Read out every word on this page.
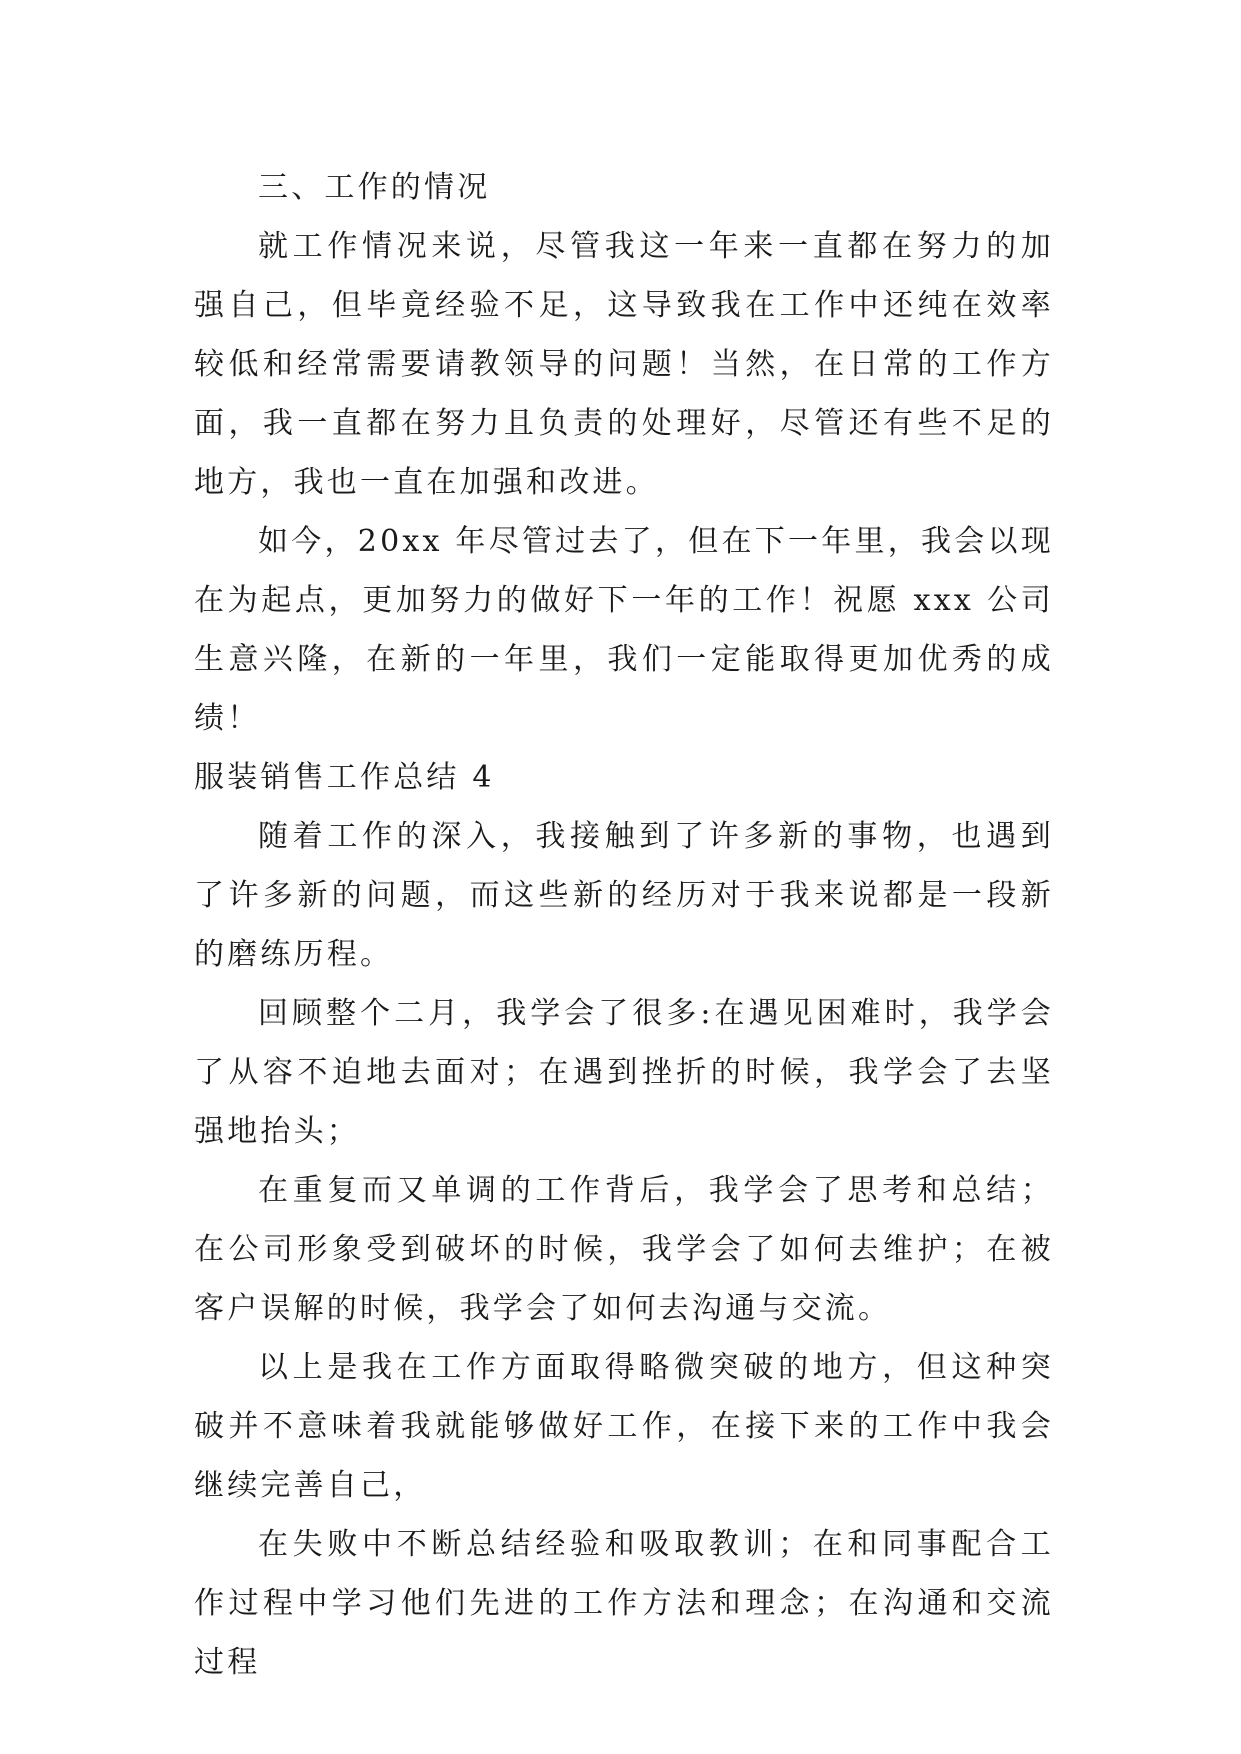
三、工作的情况

就工作情况来说，尽管我这一年来一直都在努力的加强自己，但毕竟经验不足，这导致我在工作中还纯在效率较低和经常需要请教领导的问题！当然，在日常的工作方面，我一直都在努力且负责的处理好，尽管还有些不足的地方，我也一直在加强和改进。

如今，20xx 年尽管过去了，但在下一年里，我会以现在为起点，更加努力的做好下一年的工作！祝愿 xxx 公司生意兴隆，在新的一年里，我们一定能取得更加优秀的成绩！

服装销售工作总结 4

随着工作的深入，我接触到了许多新的事物，也遇到了许多新的问题，而这些新的经历对于我来说都是一段新的磨练历程。

回顾整个二月，我学会了很多:在遇见困难时，我学会了从容不迫地去面对；在遇到挫折的时候，我学会了去坚强地抬头；

在重复而又单调的工作背后，我学会了思考和总结；在公司形象受到破坏的时候，我学会了如何去维护；在被客户误解的时候，我学会了如何去沟通与交流。

以上是我在工作方面取得略微突破的地方，但这种突破并不意味着我就能够做好工作，在接下来的工作中我会继续完善自己，

在失败中不断总结经验和吸取教训；在和同事配合工作过程中学习他们先进的工作方法和理念；在沟通和交流过程
